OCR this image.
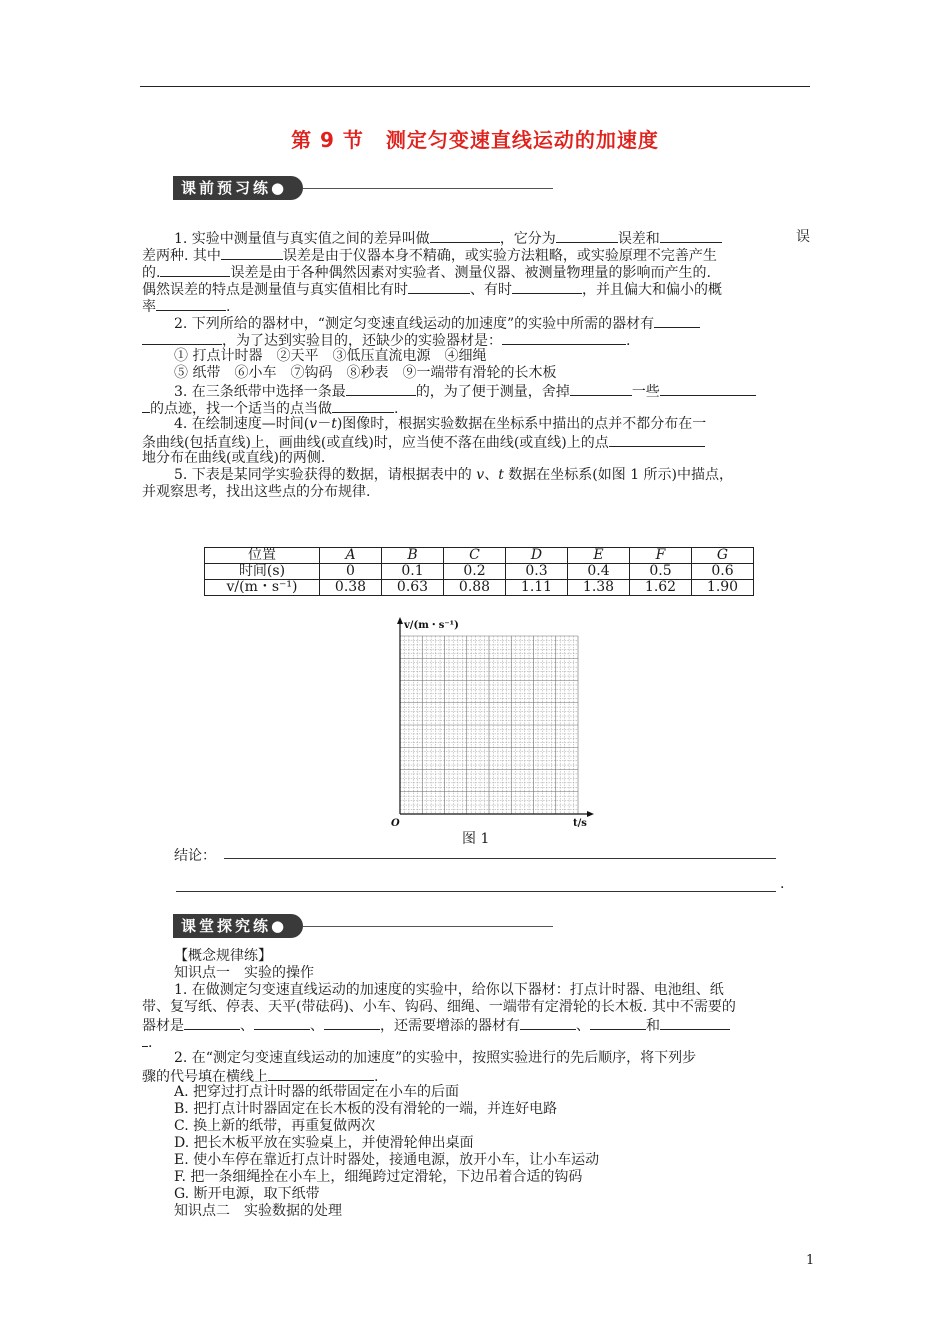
第 9 节 测定匀变速直线运动的加速度
课前预习练●
1. 实验中测量值与真实值之间的差异叫做	，它分为	误差和	误
差两种. 其中	误差是由于仪器本身不精确，或实验方法粗略，或实验原理不完善产生
的.	误差是由于各种偶然因素对实验者、测量仪器、被测量物理量的影响而产生的.
偶然误差的特点是测量值与真实值相比有时	、有时	，并且偏大和偏小的概
率	.
2. 下列所给的器材中，“测定匀变速直线运动的加速度”的实验中所需的器材有
，为了达到实验目的，还缺少的实验器材是：	.
① 打点计时器　②天平　③低压直流电源　④细绳
⑤ 纸带　⑥小车　⑦钩码　⑧秒表　⑨一端带有滑轮的长木板
3. 在三条纸带中选择一条最	的，为了便于测量，舍掉	一些
的点迹，找一个适当的点当做	.
4. 在绘制速度—时间(v－t)图像时，根据实验数据在坐标系中描出的点并不都分布在一
条曲线(包括直线)上，画曲线(或直线)时，应当使不落在曲线(或直线)上的点
地分布在曲线(或直线)的两侧.
5. 下表是某同学实验获得的数据，请根据表中的 v、t 数据在坐标系(如图 1 所示)中描点，
并观察思考，找出这些点的分布规律.
位置	A	B	C	D	E	F	G
时间(s)	0	0.1	0.2	0.3	0.4	0.5	0.6
v/(m・s⁻¹)	0.38	0.63	0.88	1.11	1.38	1.62	1.90
v/(m・s⁻¹)
O	t/s
图 1
结论：
.
课堂探究练●
【概念规律练】
知识点一　实验的操作
1. 在做测定匀变速直线运动的加速度的实验中，给你以下器材：打点计时器、电池组、纸
带、复写纸、停表、天平(带砝码)、小车、钩码、细绳、一端带有定滑轮的长木板. 其中不需要的
器材是	、	、	，还需要增添的器材有	、	和
.
2. 在“测定匀变速直线运动的加速度”的实验中，按照实验进行的先后顺序，将下列步
骤的代号填在横线上	.
A. 把穿过打点计时器的纸带固定在小车的后面
B. 把打点计时器固定在长木板的没有滑轮的一端，并连好电路
C. 换上新的纸带，再重复做两次
D. 把长木板平放在实验桌上，并使滑轮伸出桌面
E. 使小车停在靠近打点计时器处，接通电源，放开小车，让小车运动
F. 把一条细绳拴在小车上，细绳跨过定滑轮，下边吊着合适的钩码
G. 断开电源，取下纸带
知识点二　实验数据的处理
1
